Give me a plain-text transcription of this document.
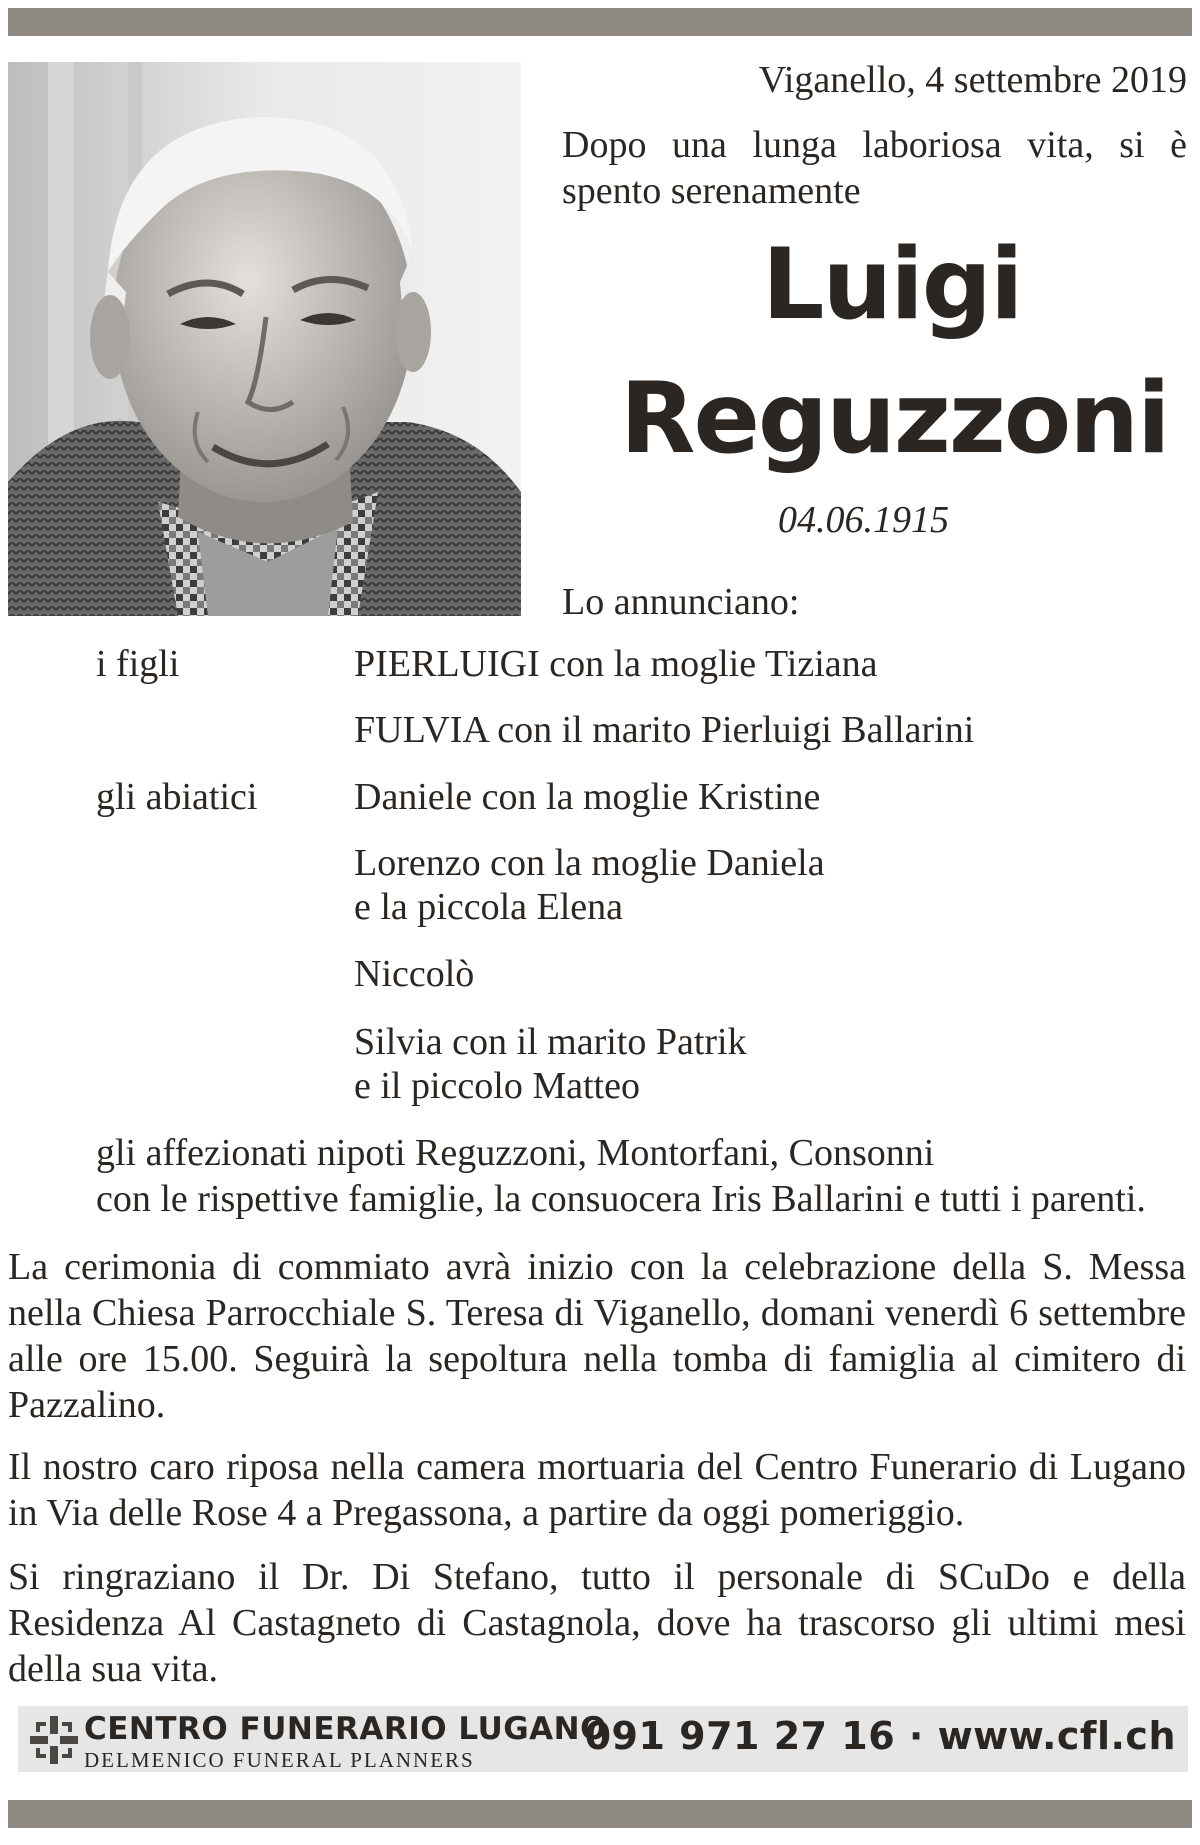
Viganello, 4 settembre 2019

Dopo una lunga laboriosa vita, si è spento serenamente

Luigi
Reguzzoni

04.06.1915

Lo annunciano:

i figli	PIERLUIGI con la moglie Tiziana

FULVIA con il marito Pierluigi Ballarini

gli abiatici	Daniele con la moglie Kristine

Lorenzo con la moglie Daniela
e la piccola Elena

Niccolò

Silvia con il marito Patrik
e il piccolo Matteo

gli affezionati nipoti Reguzzoni, Montorfani, Consonni
con le rispettive famiglie, la consuocera Iris Ballarini e tutti i parenti.

La cerimonia di commiato avrà inizio con la celebrazione della S. Messa nella Chiesa Parrocchiale S. Teresa di Viganello, domani venerdì 6 settembre alle ore 15.00. Seguirà la sepoltura nella tomba di famiglia al cimitero di Pazzalino.

Il nostro caro riposa nella camera mortuaria del Centro Funerario di Lugano in Via delle Rose 4 a Pregassona, a partire da oggi pomeriggio.

Si ringraziano il Dr. Di Stefano, tutto il personale di SCuDo e della Residenza Al Castagneto di Castagnola, dove ha trascorso gli ultimi mesi della sua vita.

CENTRO FUNERARIO LUGANO

DELMENICO FUNERAL PLANNERS

091 971 27 16 · www.cfl.ch
